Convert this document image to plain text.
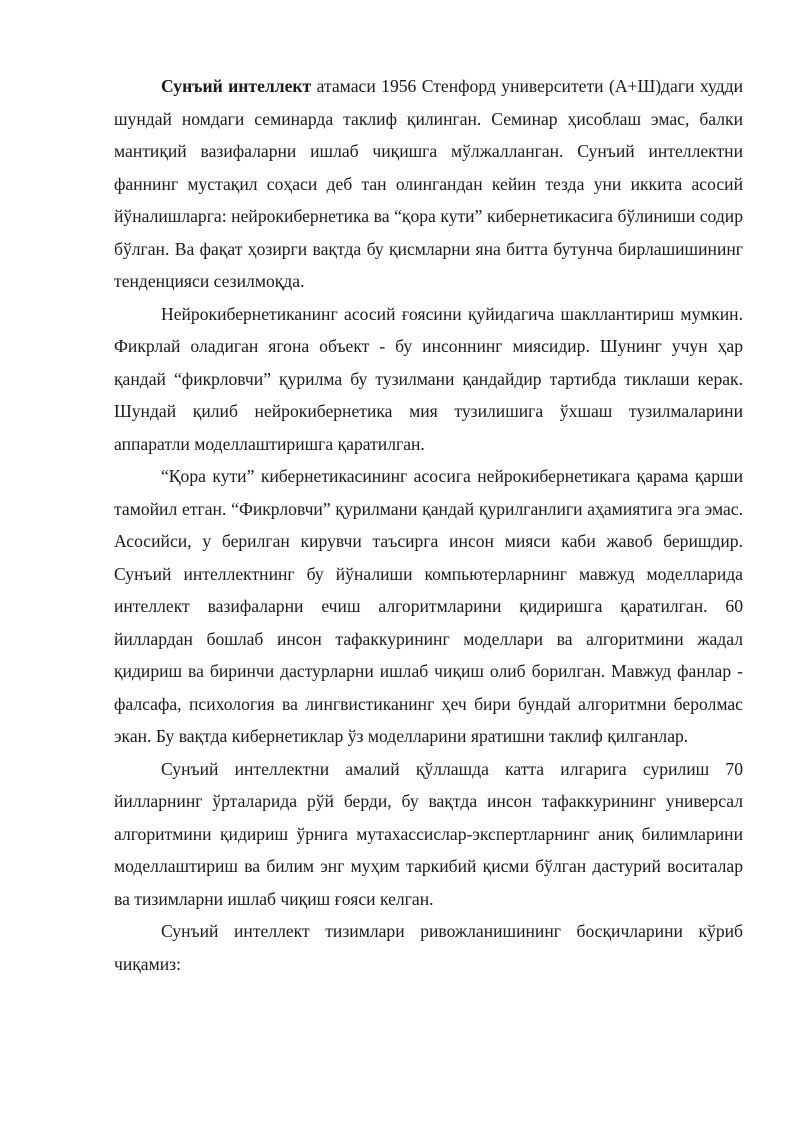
Сунъий интеллект атамаси 1956 Стенфорд университети (А+Ш)даги худди шундай номдаги семинарда таклиф қилинган. Семинар ҳисоблаш эмас, балки мантиқий вазифаларни ишлаб чиқишга мўлжалланган. Сунъий интеллектни фаннинг мустақил соҳаси деб тан олингандан кейин тезда уни иккита асосий йўналишларга: нейрокибернетика ва “қора кути” кибернетикасига бўлиниши содир бўлган. Ва фақат ҳозирги вақтда бу қисмларни яна битта бутунча бирлашишининг тенденцияси сезилмоқда.

Нейрокибернетиканинг асосий ғоясини қуйидагича шакллантириш мумкин. Фикрлай оладиган ягона объект - бу инсоннинг миясидир. Шунинг учун ҳар қандай “фикрловчи” қурилма бу тузилмани қандайдир тартибда тиклаши керак. Шундай қилиб нейрокибернетика мия тузилишига ўхшаш тузилмаларини аппаратли моделлаштиришга қаратилган.

“Қора кути” кибернетикасининг асосига нейрокибернетикага қарама қарши тамойил етган. “Фикрловчи” қурилмани қандай қурилганлиги аҳамиятига эга эмас. Асосийси, у берилган кирувчи таъсирга инсон мияси каби жавоб беришдир. Сунъий интеллектнинг бу йўналиши компьютерларнинг мавжуд моделларида интеллект вазифаларни ечиш алгоритмларини қидиришга қаратилган. 60 йиллардан бошлаб инсон тафаккурининг моделлари ва алгоритмини жадал қидириш ва биринчи дастурларни ишлаб чиқиш олиб борилган. Мавжуд фанлар - фалсафа, психология ва лингвистиканинг ҳеч бири бундай алгоритмни беролмас экан. Бу вақтда кибернетиклар ўз моделларини яратишни таклиф қилганлар.

Сунъий интеллектни амалий қўллашда катта илгарига сурилиш 70 йилларнинг ўрталарида рўй берди, бу вақтда инсон тафаккурининг универсал алгоритмини қидириш ўрнига мутахассислар-экспертларнинг аниқ билимларини моделлаштириш ва билим энг муҳим таркибий қисми бўлган дастурий воситалар ва тизимларни ишлаб чиқиш ғояси келган.

Сунъий интеллект тизимлари ривожланишининг босқичларини кўриб чиқамиз:
